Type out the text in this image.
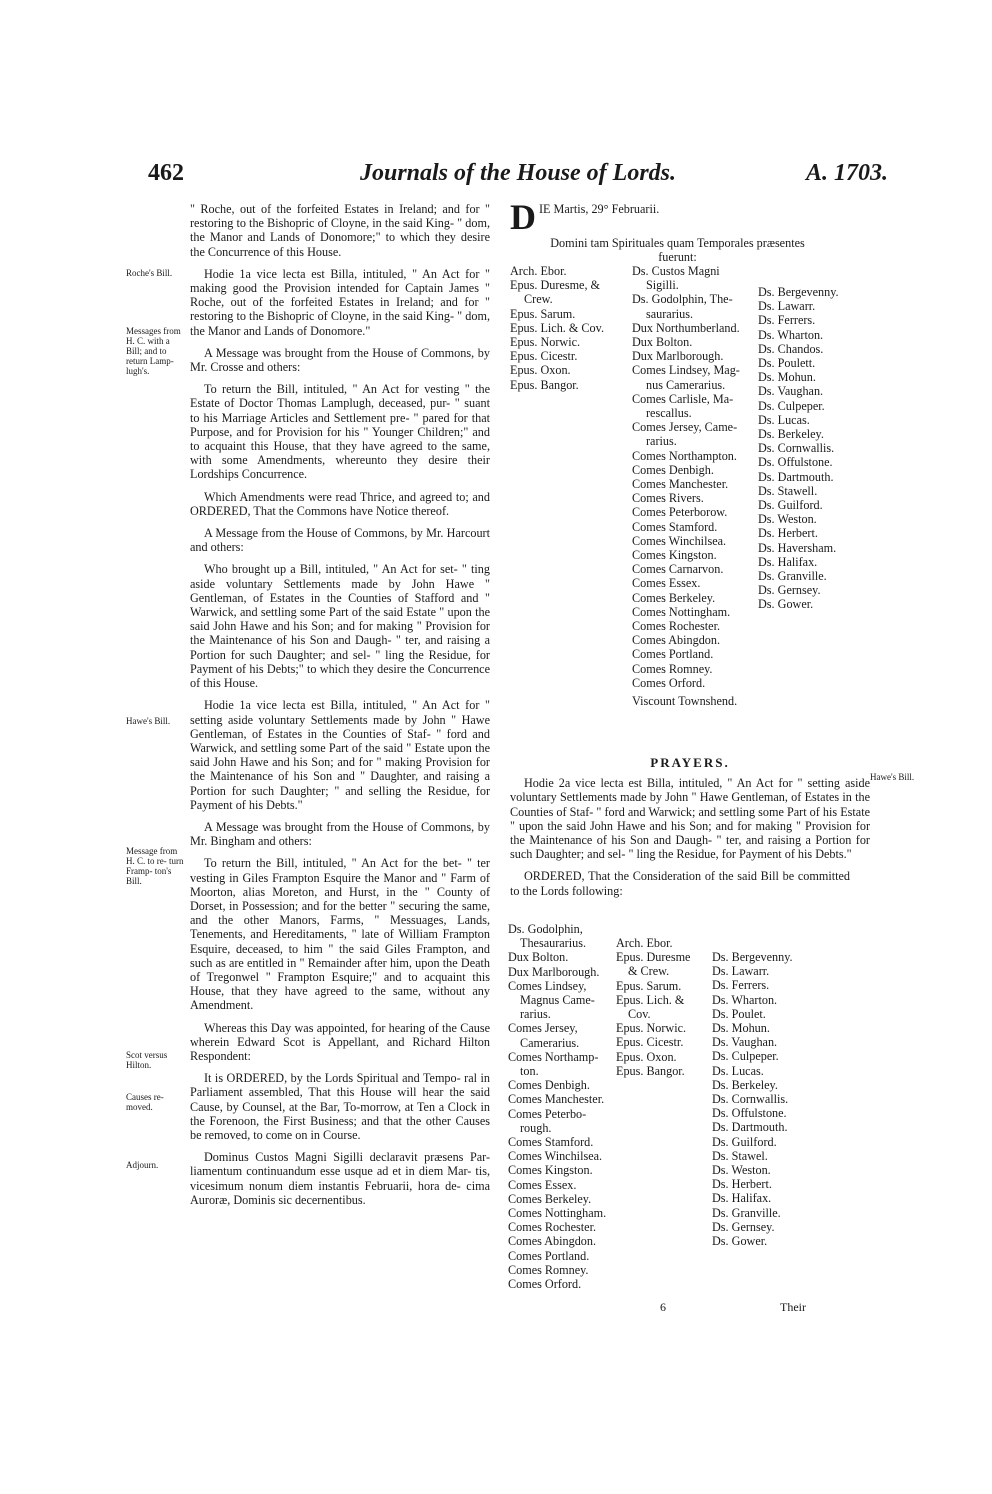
462	Journals of the House of Lords.	A. 1703.

" Roche, out of the forfeited Estates in Ireland; and for " restoring to the Bishopric of Cloyne, in the said King- " dom, the Manor and Lands of Donomore;" to which they desire the Concurrence of this House.

Hodie 1a vice lecta est Billa, intituled, " An Act for " making good the Provision intended for Captain James " Roche, out of the forfeited Estates in Ireland; and for " restoring to the Bishopric of Cloyne, in the said King- " dom, the Manor and Lands of Donomore."

A Message was brought from the House of Commons, by Mr. Crosse and others:

To return the Bill, intituled, " An Act for vesting " the Estate of Doctor Thomas Lamplugh, deceased, pur- " suant to his Marriage Articles and Settlement pre- " pared for that Purpose, and for Provision for his " Younger Children;" and to acquaint this House, that they have agreed to the same, with some Amendments, whereunto they desire their Lordships Concurrence.

Which Amendments were read Thrice, and agreed to; and ORDERED, That the Commons have Notice thereof.

A Message from the House of Commons, by Mr. Harcourt and others:

Who brought up a Bill, intituled, " An Act for set- " ting aside voluntary Settlements made by John Hawe " Gentleman, of Estates in the Counties of Stafford and " Warwick, and settling some Part of the said Estate " upon the said John Hawe and his Son; and for making " Provision for the Maintenance of his Son and Daugh- " ter, and raising a Portion for such Daughter; and sel- " ling the Residue, for Payment of his Debts;" to which they desire the Concurrence of this House.

Hodie 1a vice lecta est Billa, intituled, " An Act for " setting aside voluntary Settlements made by John " Hawe Gentleman, of Estates in the Counties of Staf- " ford and Warwick, and settling some Part of the said " Estate upon the said John Hawe and his Son; and for " making Provision for the Maintenance of his Son and " Daughter, and raising a Portion for such Daughter; " and selling the Residue, for Payment of his Debts."

A Message was brought from the House of Commons, by Mr. Bingham and others:

To return the Bill, intituled, " An Act for the bet- " ter vesting in Giles Frampton Esquire the Manor and " Farm of Moorton, alias Moreton, and Hurst, in the " County of Dorset, in Possession; and for the better " securing the same, and the other Manors, Farms, " Messuages, Lands, Tenements, and Hereditaments, " late of William Frampton Esquire, deceased, to him " the said Giles Frampton, and such as are entitled in " Remainder after him, upon the Death of Tregonwel " Frampton Esquire;" and to acquaint this House, that they have agreed to the same, without any Amendment.

Whereas this Day was appointed, for hearing of the Cause wherein Edward Scot is Appellant, and Richard Hilton Respondent:

It is ORDERED, by the Lords Spiritual and Tempo- ral in Parliament assembled, That this House will hear the said Cause, by Counsel, at the Bar, To-morrow, at Ten a Clock in the Forenoon, the First Business; and that the other Causes be removed, to come on in Course.

Dominus Custos Magni Sigilli declaravit præsens Par- liamentum continuandum esse usque ad et in diem Mar- tis, vicesimum nonum diem instantis Februarii, hora de- cima Auroræ, Dominis sic decernentibus.

Roche's Bill.
Messages from H. C. with a Bill; and to return Lamp- lugh's.
Hawe's Bill.
Message from H. C. to re- turn Framp- ton's Bill.
Scot versus Hilton.
Causes re- moved.
Adjourn.
Hawe's Bill.
D IE Martis, 29° Februarii.

Domini tam Spirituales quam Temporales præsentes fuerunt:

Arch. Ebor.
Epus. Duresme, &
Crew.
Epus. Sarum.
Epus. Lich. & Cov.
Epus. Norwic.
Epus. Cicestr.
Epus. Oxon.
Epus. Bangor.
Ds. Custos Magni
Sigilli.
Ds. Godolphin, The-
saurarius.
Dux Northumberland.
Dux Bolton.
Dux Marlborough.
Comes Lindsey, Mag-
nus Camerarius.
Comes Carlisle, Ma-
rescallus.
Comes Jersey, Came-
rarius.
Comes Northampton.
Comes Denbigh.
Comes Manchester.
Comes Rivers.
Comes Peterborow.
Comes Stamford.
Comes Winchilsea.
Comes Kingston.
Comes Carnarvon.
Comes Essex.
Comes Berkeley.
Comes Nottingham.
Comes Rochester.
Comes Abingdon.
Comes Portland.
Comes Romney.
Comes Orford.
Viscount Townshend.
Ds. Bergevenny.
Ds. Lawarr.
Ds. Ferrers.
Ds. Wharton.
Ds. Chandos.
Ds. Poulett.
Ds. Mohun.
Ds. Vaughan.
Ds. Culpeper.
Ds. Lucas.
Ds. Berkeley.
Ds. Cornwallis.
Ds. Offulstone.
Ds. Dartmouth.
Ds. Stawell.
Ds. Guilford.
Ds. Weston.
Ds. Herbert.
Ds. Haversham.
Ds. Halifax.
Ds. Granville.
Ds. Gernsey.
Ds. Gower.
PRAYERS.

Hodie 2a vice lecta est Billa, intituled, " An Act for " setting aside voluntary Settlements made by John " Hawe Gentleman, of Estates in the Counties of Staf- " ford and Warwick; and settling some Part of his Estate " upon the said John Hawe and his Son; and for making " Provision for the Maintenance of his Son and Daugh- " ter, and raising a Portion for such Daughter; and sel- " ling the Residue, for Payment of his Debts."

ORDERED, That the Consideration of the said Bill be committed to the Lords following:

Ds. Godolphin,
Thesaurarius.
Dux Bolton.
Dux Marlborough.
Comes Lindsey,
Magnus Came-
rarius.
Comes Jersey,
Camerarius.
Comes Northamp-
ton.
Comes Denbigh.
Comes Manchester.
Comes Peterbo-
rough.
Comes Stamford.
Comes Winchilsea.
Comes Kingston.
Comes Essex.
Comes Berkeley.
Comes Nottingham.
Comes Rochester.
Comes Abingdon.
Comes Portland.
Comes Romney.
Comes Orford.
Arch. Ebor.
Epus. Duresme
& Crew.
Epus. Sarum.
Epus. Lich. &
Cov.
Epus. Norwic.
Epus. Cicestr.
Epus. Oxon.
Epus. Bangor.
Ds. Bergevenny.
Ds. Lawarr.
Ds. Ferrers.
Ds. Wharton.
Ds. Poulet.
Ds. Mohun.
Ds. Vaughan.
Ds. Culpeper.
Ds. Lucas.
Ds. Berkeley.
Ds. Cornwallis.
Ds. Offulstone.
Ds. Dartmouth.
Ds. Guilford.
Ds. Stawel.
Ds. Weston.
Ds. Herbert.
Ds. Halifax.
Ds. Granville.
Ds. Gernsey.
Ds. Gower.
6	Their
